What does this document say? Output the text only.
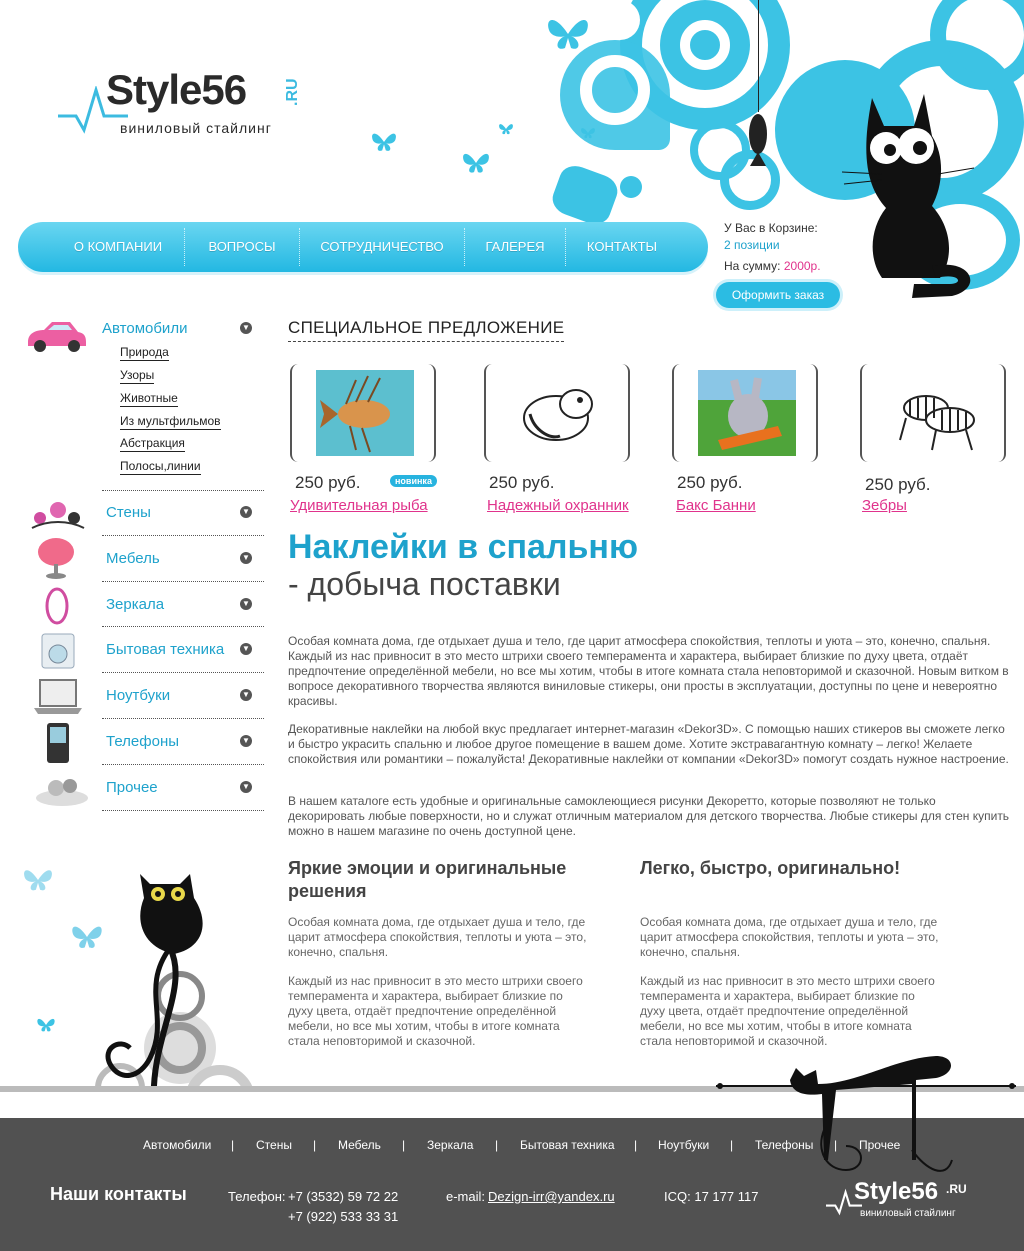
Style56 .RU
виниловый стайлинг
О КОМПАНИИ	ВОПРОСЫ	СОТРУДНИЧЕСТВО	ГАЛЕРЕЯ	КОНТАКТЫ
У Вас в Корзине:
2 позиции
На сумму: 2000р.
Оформить заказ
Автомобили	▼
Природа
Узоры
Животные
Из мультфильмов
Абстракция
Полосы,линии
Стены	▼
Мебель	▼
Зеркала	▼
Бытовая техника ▼
Ноутбуки	▼
Телефоны	▼
Прочее	▼
СПЕЦИАЛЬНОЕ ПРЕДЛОЖЕНИЕ
250 руб.	новинка
Удивительная рыба
250 руб.
Надежный охранник
250 руб.
Бакс Банни
250 руб.
Зебры
Наклейки в спальню
- добыча поставки
Особая комната дома, где отдыхает душа и тело, где царит атмосфера спокойствия, теплоты и уюта – это, конечно, спальня. Каждый из нас привносит в это место штрихи своего темперамента и характера, выбирает близкие по духу цвета, отдаёт предпочтение определённой мебели, но все мы хотим, чтобы в итоге комната стала неповторимой и сказочной. Новым витком в вопросе декоративного творчества являются виниловые стикеры, они просты в эксплуатации, доступны по цене и невероятно красивы.
Декоративные наклейки на любой вкус предлагает интернет-магазин «Dekor3D». С помощью наших стикеров вы сможете легко и быстро украсить спальню и любое другое помещение в вашем доме. Хотите экстравагантную комнату – легко! Желаете спокойствия или романтики – пожалуйста! Декоративные наклейки от компании «Dekor3D» помогут создать нужное настроение.
В нашем каталоге есть удобные и оригинальные самоклеющиеся рисунки Декоретто, которые позволяют не только декорировать любые поверхности, но и служат отличным материалом для детского творчества. Любые стикеры для стен купить можно в нашем магазине по очень доступной цене.
Яркие эмоции и оригинальные решения
Особая комната дома, где отдыхает душа и тело, где царит атмосфера спокойствия, теплоты и уюта – это, конечно, спальня.
Каждый из нас привносит в это место штрихи своего темперамента и характера, выбирает близкие по духу цвета, отдаёт предпочтение определённой мебели, но все мы хотим, чтобы в итоге комната стала неповторимой и сказочной.
Легко, быстро, оригинально!
Особая комната дома, где отдыхает душа и тело, где царит атмосфера спокойствия, теплоты и уюта – это, конечно, спальня.
Каждый из нас привносит в это место штрихи своего темперамента и характера, выбирает близкие по духу цвета, отдаёт предпочтение определённой мебели, но все мы хотим, чтобы в итоге комната стала неповторимой и сказочной.
Автомобили | Стены | Мебель | Зеркала | Бытовая техника | Ноутбуки | Телефоны | Прочее
Наши контакты	Телефон: +7 (3532) 59 72 22
+7 (922) 533 33 31
e-mail: Dezign-irr@yandex.ru	ICQ: 17 177 117	Style56 .RU
виниловый стайлинг
